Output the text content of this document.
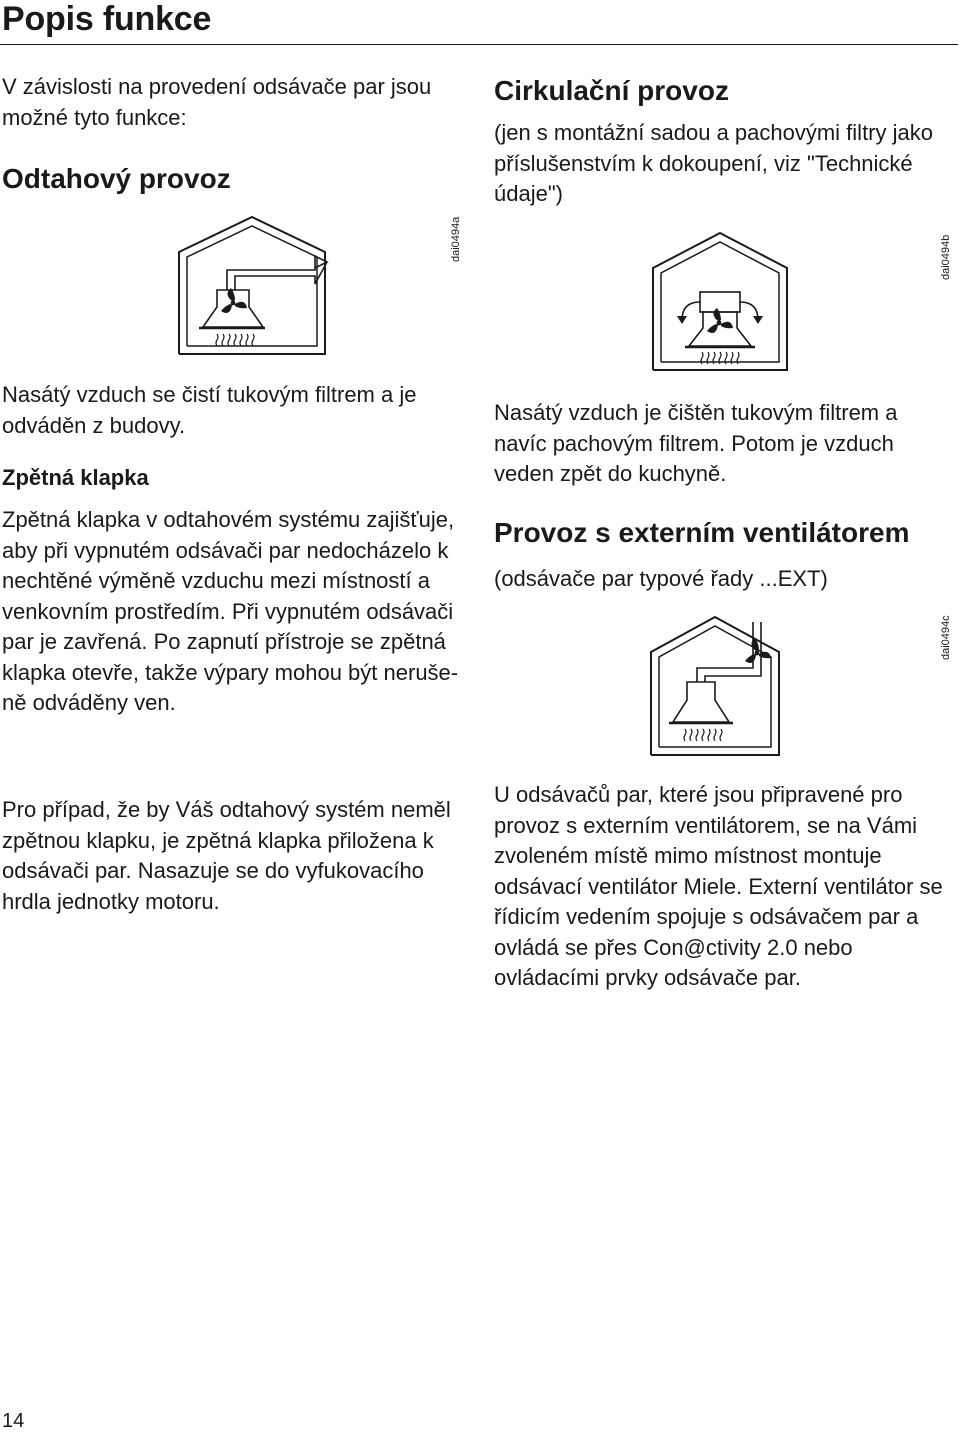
Popis funkce

V závislosti na provedení odsávače par jsou možné tyto funkce:

Odtahový provoz
dai0494a

Nasátý vzduch se čistí tukovým filtrem a je odváděn z budovy.

Zpětná klapka

Zpětná klapka v odtahovém systému zajišťuje, aby při vypnutém odsávači par nedocházelo k nechtěné výměně vzduchu mezi místností a venkovním prostředím. Při vypnutém odsávači par je zavřená. Po zapnutí přístroje se zpětná klapka otevře, takže výpary mohou být nerušeně odváděny ven.

Pro případ, že by Váš odtahový systém neměl zpětnou klapku, je zpětná klapka přiložena k odsávači par. Nasazuje se do vyfukovacího hrdla jednotky motoru.

Cirkulační provoz

(jen s montážní sadou a pachovými filtry jako příslušenstvím k dokoupení, viz "Technické údaje")

dai0494b

Nasátý vzduch je čištěn tukovým filtrem a navíc pachovým filtrem. Potom je vzduch veden zpět do kuchyně.

Provoz s externím ventilátorem

(odsávače par typové řady ...EXT)

dai0494c

U odsávačů par, které jsou připravené pro provoz s externím ventilátorem, se na Vámi zvoleném místě mimo místnost montuje odsávací ventilátor Miele. Externí ventilátor se řídicím vedením spojuje s odsávačem par a ovládá se přes Con@ctivity 2.0 nebo ovládacími prvky odsávače par.

14
